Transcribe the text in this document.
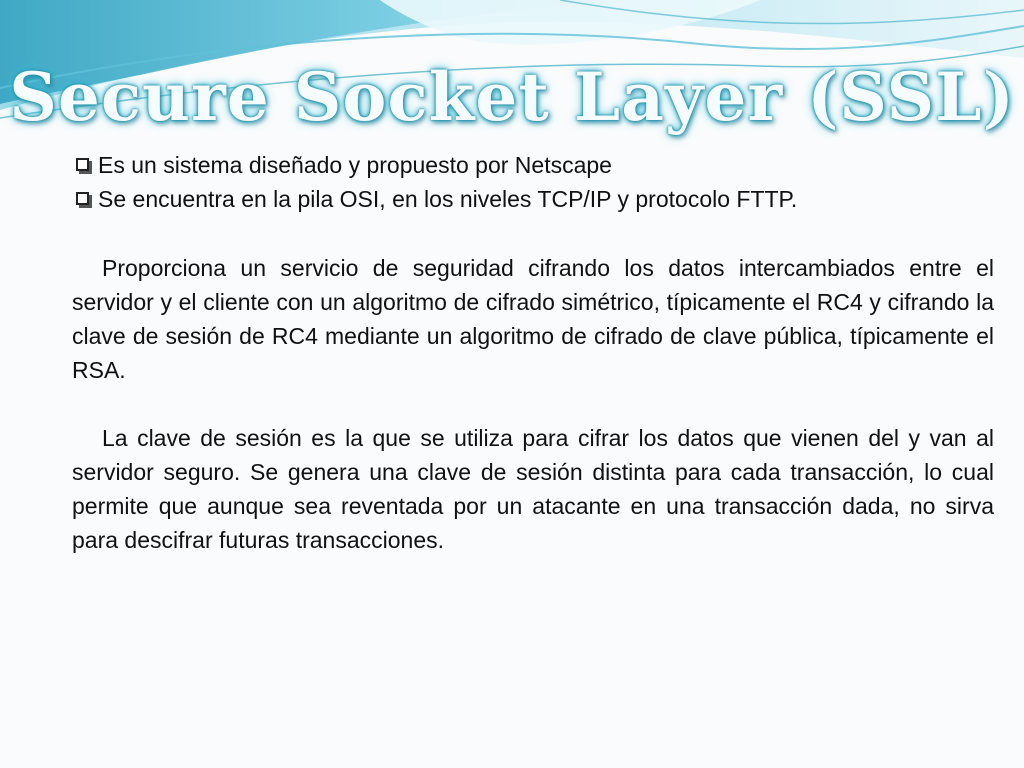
Secure Socket Layer (SSL)
Es un sistema diseñado y propuesto por Netscape
Se encuentra en la pila OSI, en los niveles TCP/IP y protocolo FTTP.

Proporciona un servicio de seguridad cifrando los datos intercambiados entre el servidor y el cliente con un algoritmo de cifrado simétrico, típicamente el RC4 y cifrando la clave de sesión de RC4 mediante un algoritmo de cifrado de clave pública, típicamente el RSA.

La clave de sesión es la que se utiliza para cifrar los datos que vienen del y van al servidor seguro. Se genera una clave de sesión distinta para cada transacción, lo cual permite que aunque sea reventada por un atacante en una transacción dada, no sirva para descifrar futuras transacciones.
